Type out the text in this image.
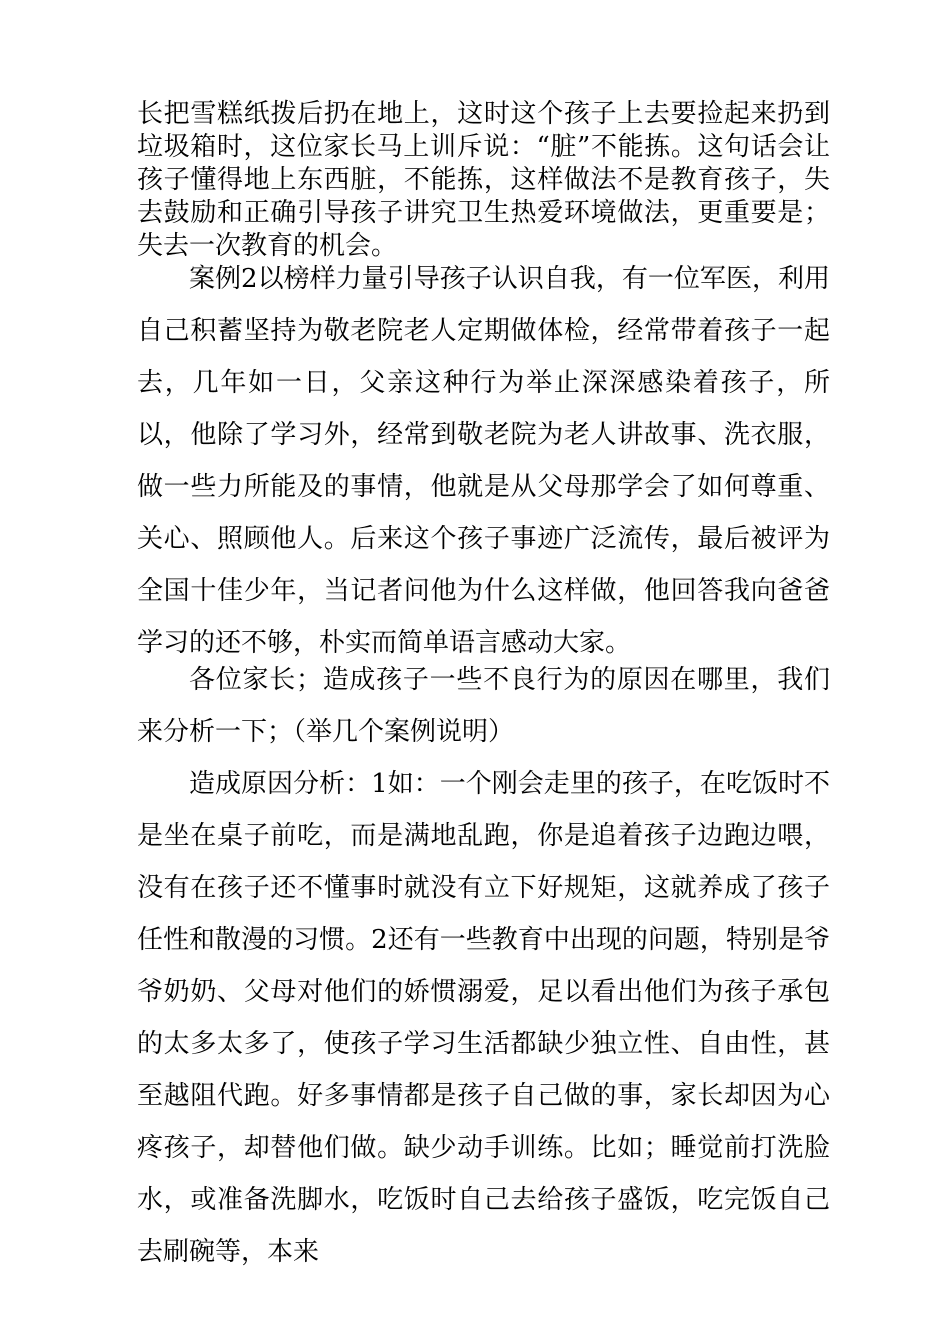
长把雪糕纸拨后扔在地上，这时这个孩子上去要捡起来扔到垃圾箱时，这位家长马上训斥说：“脏”不能拣。这句话会让孩子懂得地上东西脏，不能拣，这样做法不是教育孩子，失去鼓励和正确引导孩子讲究卫生热爱环境做法，更重要是；失去一次教育的机会。

案例2以榜样力量引导孩子认识自我，有一位军医，利用自己积蓄坚持为敬老院老人定期做体检，经常带着孩子一起去，几年如一日，父亲这种行为举止深深感染着孩子，所以，他除了学习外，经常到敬老院为老人讲故事、洗衣服，做一些力所能及的事情，他就是从父母那学会了如何尊重、关心、照顾他人。后来这个孩子事迹广泛流传，最后被评为全国十佳少年，当记者问他为什么这样做，他回答我向爸爸学习的还不够，朴实而简单语言感动大家。

各位家长；造成孩子一些不良行为的原因在哪里，我们来分析一下；（举几个案例说明）

造成原因分析：1如：一个刚会走里的孩子，在吃饭时不是坐在桌子前吃，而是满地乱跑，你是追着孩子边跑边喂，没有在孩子还不懂事时就没有立下好规矩，这就养成了孩子任性和散漫的习惯。2还有一些教育中出现的问题，特别是爷爷奶奶、父母对他们的娇惯溺爱，足以看出他们为孩子承包的太多太多了，使孩子学习生活都缺少独立性、自由性，甚至越阻代跑。好多事情都是孩子自己做的事，家长却因为心疼孩子，却替他们做。缺少动手训练。比如；睡觉前打洗脸水，或准备洗脚水，吃饭时自己去给孩子盛饭，吃完饭自己去刷碗等，本来
